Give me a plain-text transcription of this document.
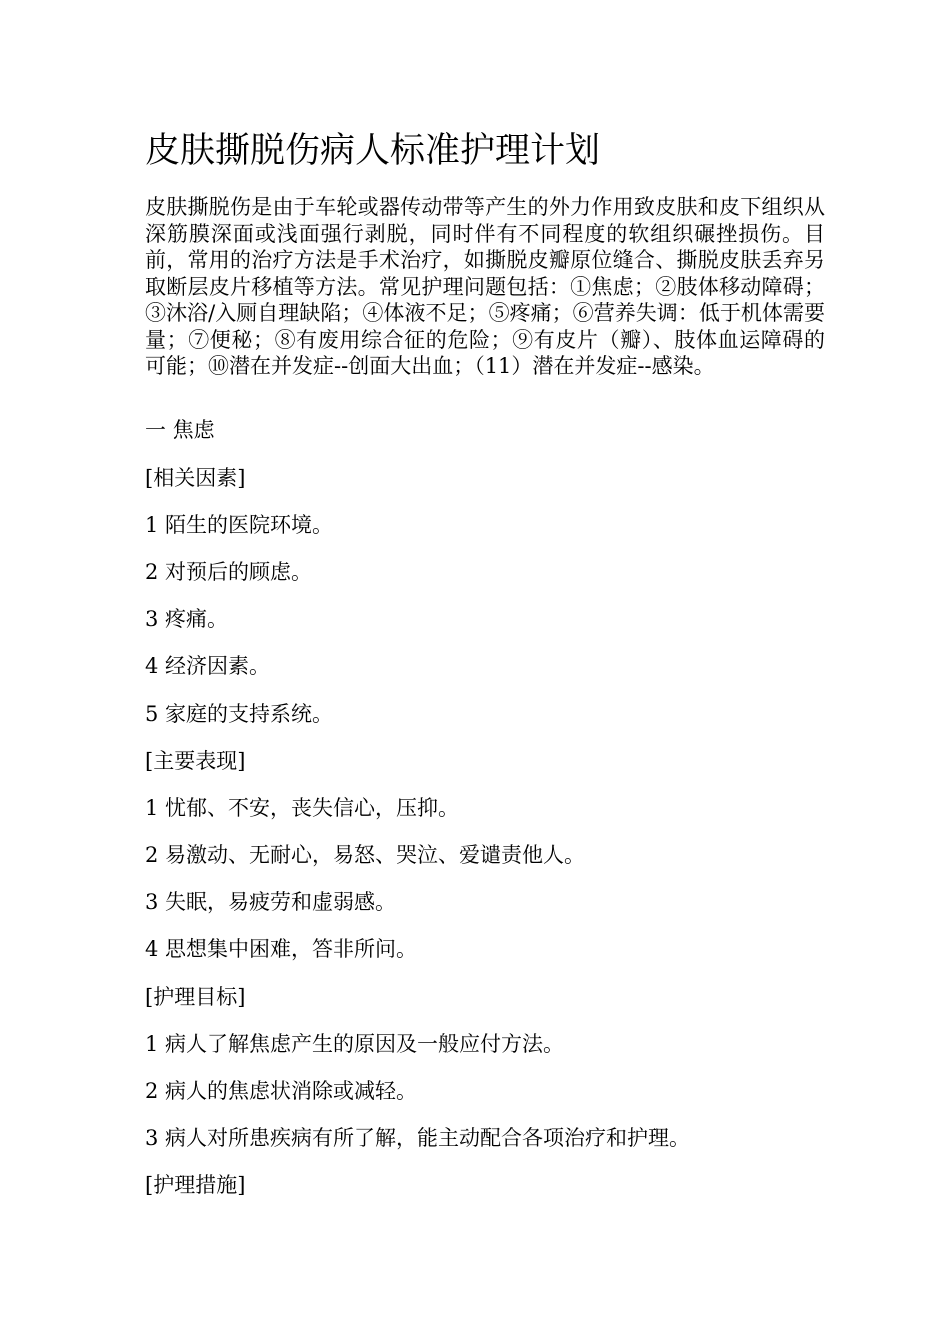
皮肤撕脱伤病人标准护理计划

皮肤撕脱伤是由于车轮或器传动带等产生的外力作用致皮肤和皮下组织从深筋膜深面或浅面强行剥脱，同时伴有不同程度的软组织碾挫损伤。目前，常用的治疗方法是手术治疗，如撕脱皮瓣原位缝合、撕脱皮肤丢弃另取断层皮片移植等方法。常见护理问题包括：①焦虑；②肢体移动障碍；③沐浴/入厕自理缺陷；④体液不足；⑤疼痛；⑥营养失调：低于机体需要量；⑦便秘；⑧有废用综合征的危险；⑨有皮片（瓣）、肢体血运障碍的可能；⑩潜在并发症--创面大出血；（11）潜在并发症--感染。

一 焦虑

[相关因素]

1 陌生的医院环境。

2 对预后的顾虑。

3 疼痛。

4 经济因素。

5 家庭的支持系统。

[主要表现]

1 忧郁、不安，丧失信心，压抑。

2 易激动、无耐心，易怒、哭泣、爱谴责他人。

3 失眠，易疲劳和虚弱感。

4 思想集中困难，答非所问。

[护理目标]

1 病人了解焦虑产生的原因及一般应付方法。

2 病人的焦虑状消除或减轻。

3 病人对所患疾病有所了解，能主动配合各项治疗和护理。

[护理措施]
